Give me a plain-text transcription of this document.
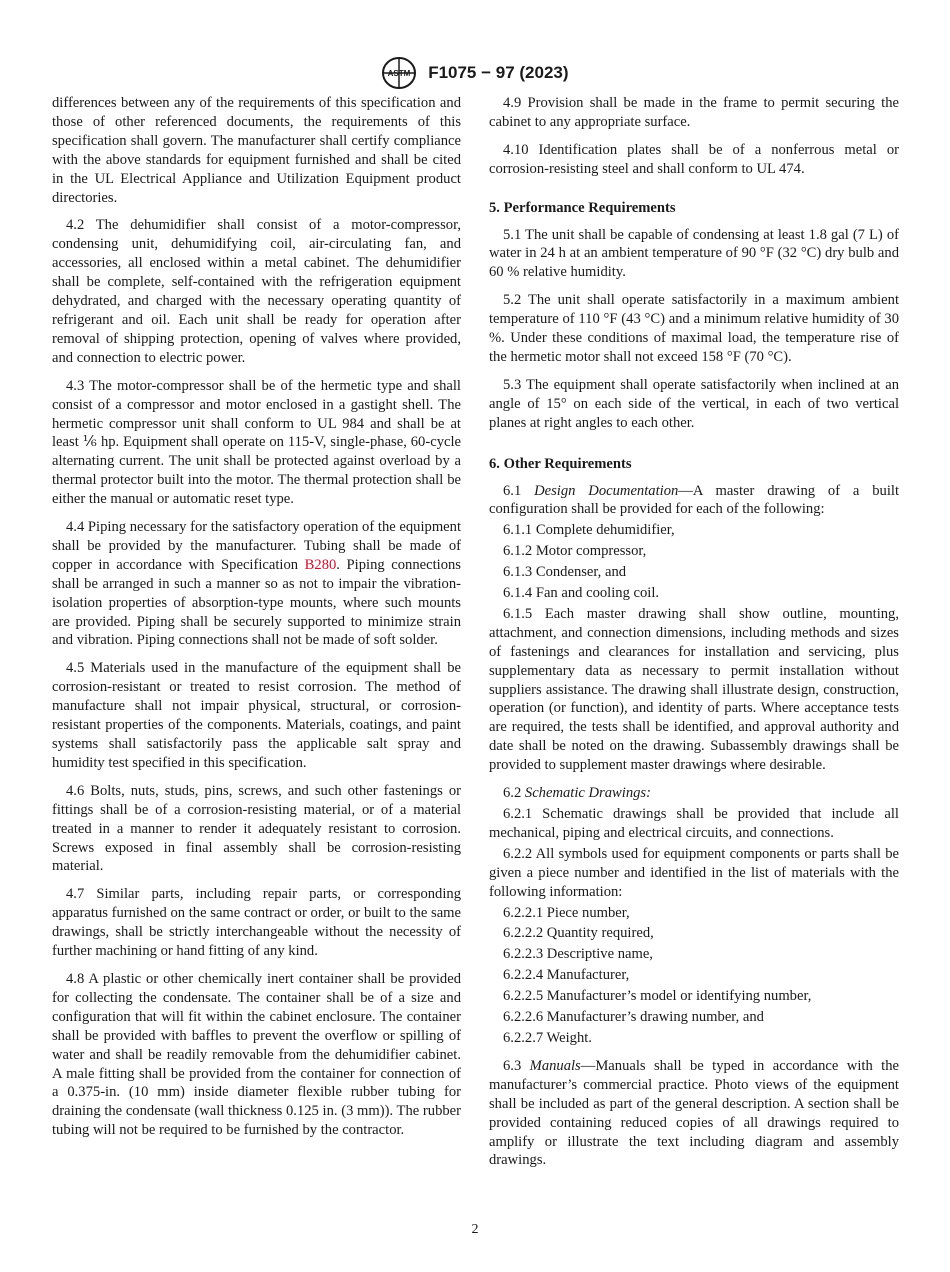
ASTM F1075 − 97 (2023)

differences between any of the requirements of this specification and those of other referenced documents, the requirements of this specification shall govern. The manufacturer shall certify compliance with the above standards for equipment furnished and shall be cited in the UL Electrical Appliance and Utilization Equipment product directories.

4.2 The dehumidifier shall consist of a motor-compressor, condensing unit, dehumidifying coil, air-circulating fan, and accessories, all enclosed within a metal cabinet. The dehumidifier shall be complete, self-contained with the refrigeration equipment dehydrated, and charged with the necessary operating quantity of refrigerant and oil. Each unit shall be ready for operation after removal of shipping protection, opening of valves where provided, and connection to electric power.

4.3 The motor-compressor shall be of the hermetic type and shall consist of a compressor and motor enclosed in a gastight shell. The hermetic compressor unit shall conform to UL 984 and shall be at least ⅙ hp. Equipment shall operate on 115-V, single-phase, 60-cycle alternating current. The unit shall be protected against overload by a thermal protector built into the motor. The thermal protection shall be either the manual or automatic reset type.

4.4 Piping necessary for the satisfactory operation of the equipment shall be provided by the manufacturer. Tubing shall be made of copper in accordance with Specification B280. Piping connections shall be arranged in such a manner so as not to impair the vibration-isolation properties of absorption-type mounts, where such mounts are provided. Piping shall be securely supported to minimize strain and vibration. Piping connections shall not be made of soft solder.

4.5 Materials used in the manufacture of the equipment shall be corrosion-resistant or treated to resist corrosion. The method of manufacture shall not impair physical, structural, or corrosion-resistant properties of the components. Materials, coatings, and paint systems shall satisfactorily pass the applicable salt spray and humidity test specified in this specification.

4.6 Bolts, nuts, studs, pins, screws, and such other fastenings or fittings shall be of a corrosion-resisting material, or of a material treated in a manner to render it adequately resistant to corrosion. Screws exposed in final assembly shall be corrosion-resisting material.

4.7 Similar parts, including repair parts, or corresponding apparatus furnished on the same contract or order, or built to the same drawings, shall be strictly interchangeable without the necessity of further machining or hand fitting of any kind.

4.8 A plastic or other chemically inert container shall be provided for collecting the condensate. The container shall be of a size and configuration that will fit within the cabinet enclosure. The container shall be provided with baffles to prevent the overflow or spilling of water and shall be readily removable from the dehumidifier cabinet. A male fitting shall be provided from the container for connection of a 0.375-in. (10 mm) inside diameter flexible rubber tubing for draining the condensate (wall thickness 0.125 in. (3 mm)). The rubber tubing will not be required to be furnished by the contractor.

4.9 Provision shall be made in the frame to permit securing the cabinet to any appropriate surface.

4.10 Identification plates shall be of a nonferrous metal or corrosion-resisting steel and shall conform to UL 474.

5. Performance Requirements

5.1 The unit shall be capable of condensing at least 1.8 gal (7 L) of water in 24 h at an ambient temperature of 90 °F (32 °C) dry bulb and 60 % relative humidity.

5.2 The unit shall operate satisfactorily in a maximum ambient temperature of 110 °F (43 °C) and a minimum relative humidity of 30 %. Under these conditions of maximal load, the temperature rise of the hermetic motor shall not exceed 158 °F (70 °C).

5.3 The equipment shall operate satisfactorily when inclined at an angle of 15° on each side of the vertical, in each of two vertical planes at right angles to each other.

6. Other Requirements

6.1 Design Documentation—A master drawing of a built configuration shall be provided for each of the following:

6.1.1 Complete dehumidifier,

6.1.2 Motor compressor,

6.1.3 Condenser, and

6.1.4 Fan and cooling coil.

6.1.5 Each master drawing shall show outline, mounting, attachment, and connection dimensions, including methods and sizes of fastenings and clearances for installation and servicing, plus supplementary data as necessary to permit installation without suppliers assistance. The drawing shall illustrate design, construction, operation (or function), and identity of parts. Where acceptance tests are required, the tests shall be identified, and approval authority and date shall be noted on the drawing. Subassembly drawings shall be provided to supplement master drawings where desirable.

6.2 Schematic Drawings:

6.2.1 Schematic drawings shall be provided that include all mechanical, piping and electrical circuits, and connections.

6.2.2 All symbols used for equipment components or parts shall be given a piece number and identified in the list of materials with the following information:

6.2.2.1 Piece number,

6.2.2.2 Quantity required,

6.2.2.3 Descriptive name,

6.2.2.4 Manufacturer,

6.2.2.5 Manufacturer’s model or identifying number,

6.2.2.6 Manufacturer’s drawing number, and

6.2.2.7 Weight.

6.3 Manuals—Manuals shall be typed in accordance with the manufacturer’s commercial practice. Photo views of the equipment shall be included as part of the general description. A section shall be provided containing reduced copies of all drawings required to amplify or illustrate the text including diagram and assembly drawings.

2
